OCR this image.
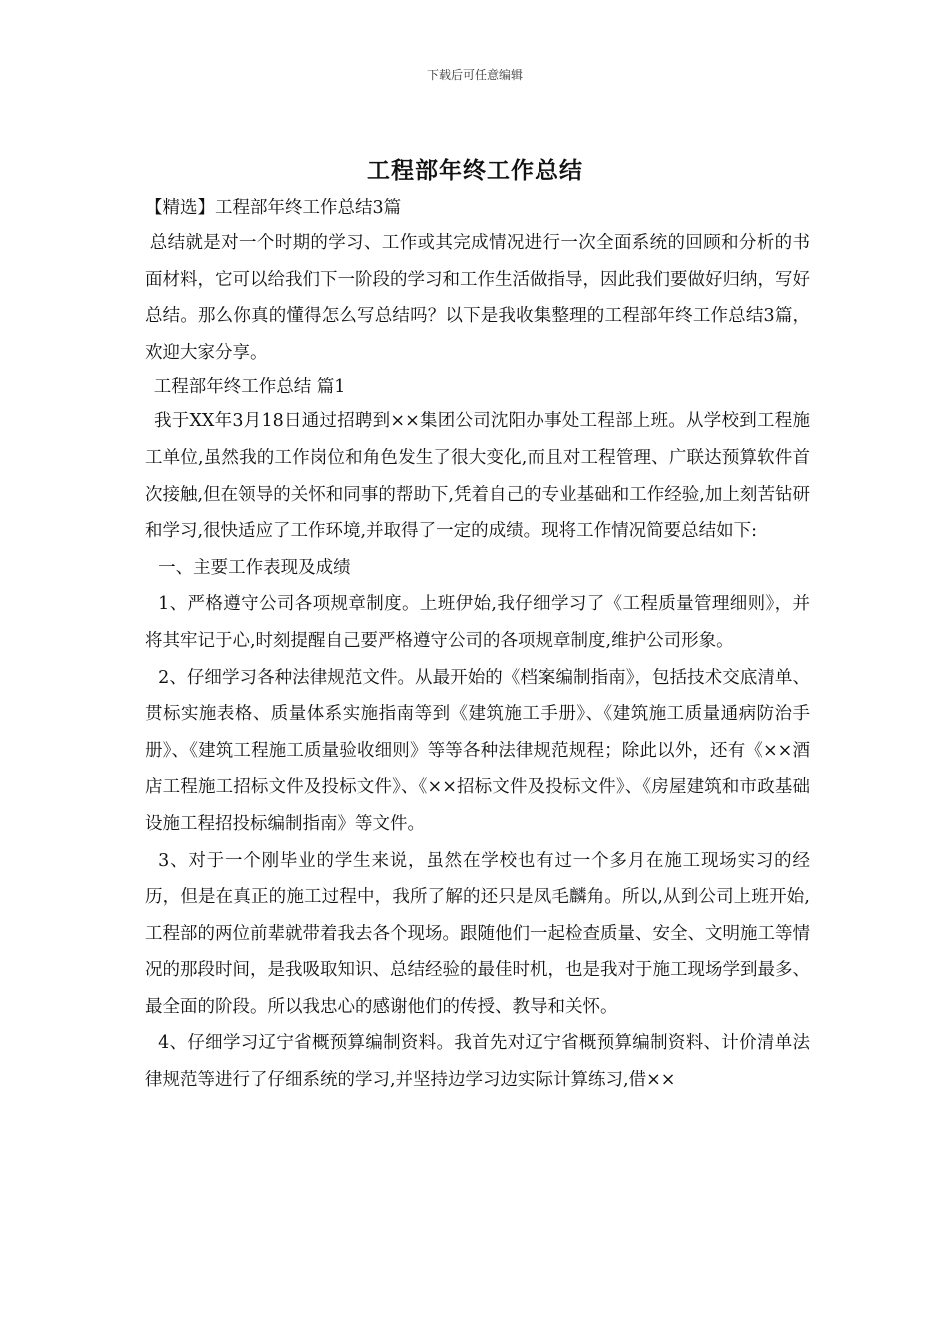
下载后可任意编辑
工程部年终工作总结

【精选】工程部年终工作总结3篇

 总结就是对一个时期的学习、工作或其完成情况进行一次全面系统的回顾和分析的书面材料，它可以给我们下一阶段的学习和工作生活做指导，因此我们要做好归纳，写好总结。那么你真的懂得怎么写总结吗？以下是我收集整理的工程部年终工作总结3篇，欢迎大家分享。

  工程部年终工作总结 篇1

  我于XX年3月18日通过招聘到××集团公司沈阳办事处工程部上班。从学校到工程施工单位,虽然我的工作岗位和角色发生了很大变化,而且对工程管理、广联达预算软件首次接触,但在领导的关怀和同事的帮助下,凭着自己的专业基础和工作经验,加上刻苦钻研和学习,很快适应了工作环境,并取得了一定的成绩。现将工作情况简要总结如下:

  一、主要工作表现及成绩

  1、严格遵守公司各项规章制度。上班伊始,我仔细学习了《工程质量管理细则》，并将其牢记于心,时刻提醒自己要严格遵守公司的各项规章制度,维护公司形象。

  2、仔细学习各种法律规范文件。从最开始的《档案编制指南》，包括技术交底清单、贯标实施表格、质量体系实施指南等到《建筑施工手册》、《建筑施工质量通病防治手册》、《建筑工程施工质量验收细则》等等各种法律规范规程；除此以外，还有《××酒店工程施工招标文件及投标文件》、《××招标文件及投标文件》、《房屋建筑和市政基础设施工程招投标编制指南》等文件。

  3、对于一个刚毕业的学生来说，虽然在学校也有过一个多月在施工现场实习的经历，但是在真正的施工过程中，我所了解的还只是凤毛麟角。所以,从到公司上班开始,工程部的两位前辈就带着我去各个现场。跟随他们一起检查质量、安全、文明施工等情况的那段时间，是我吸取知识、总结经验的最佳时机，也是我对于施工现场学到最多、最全面的阶段。所以我忠心的感谢他们的传授、教导和关怀。

  4、仔细学习辽宁省概预算编制资料。我首先对辽宁省概预算编制资料、计价清单法律规范等进行了仔细系统的学习,并坚持边学习边实际计算练习,借××
